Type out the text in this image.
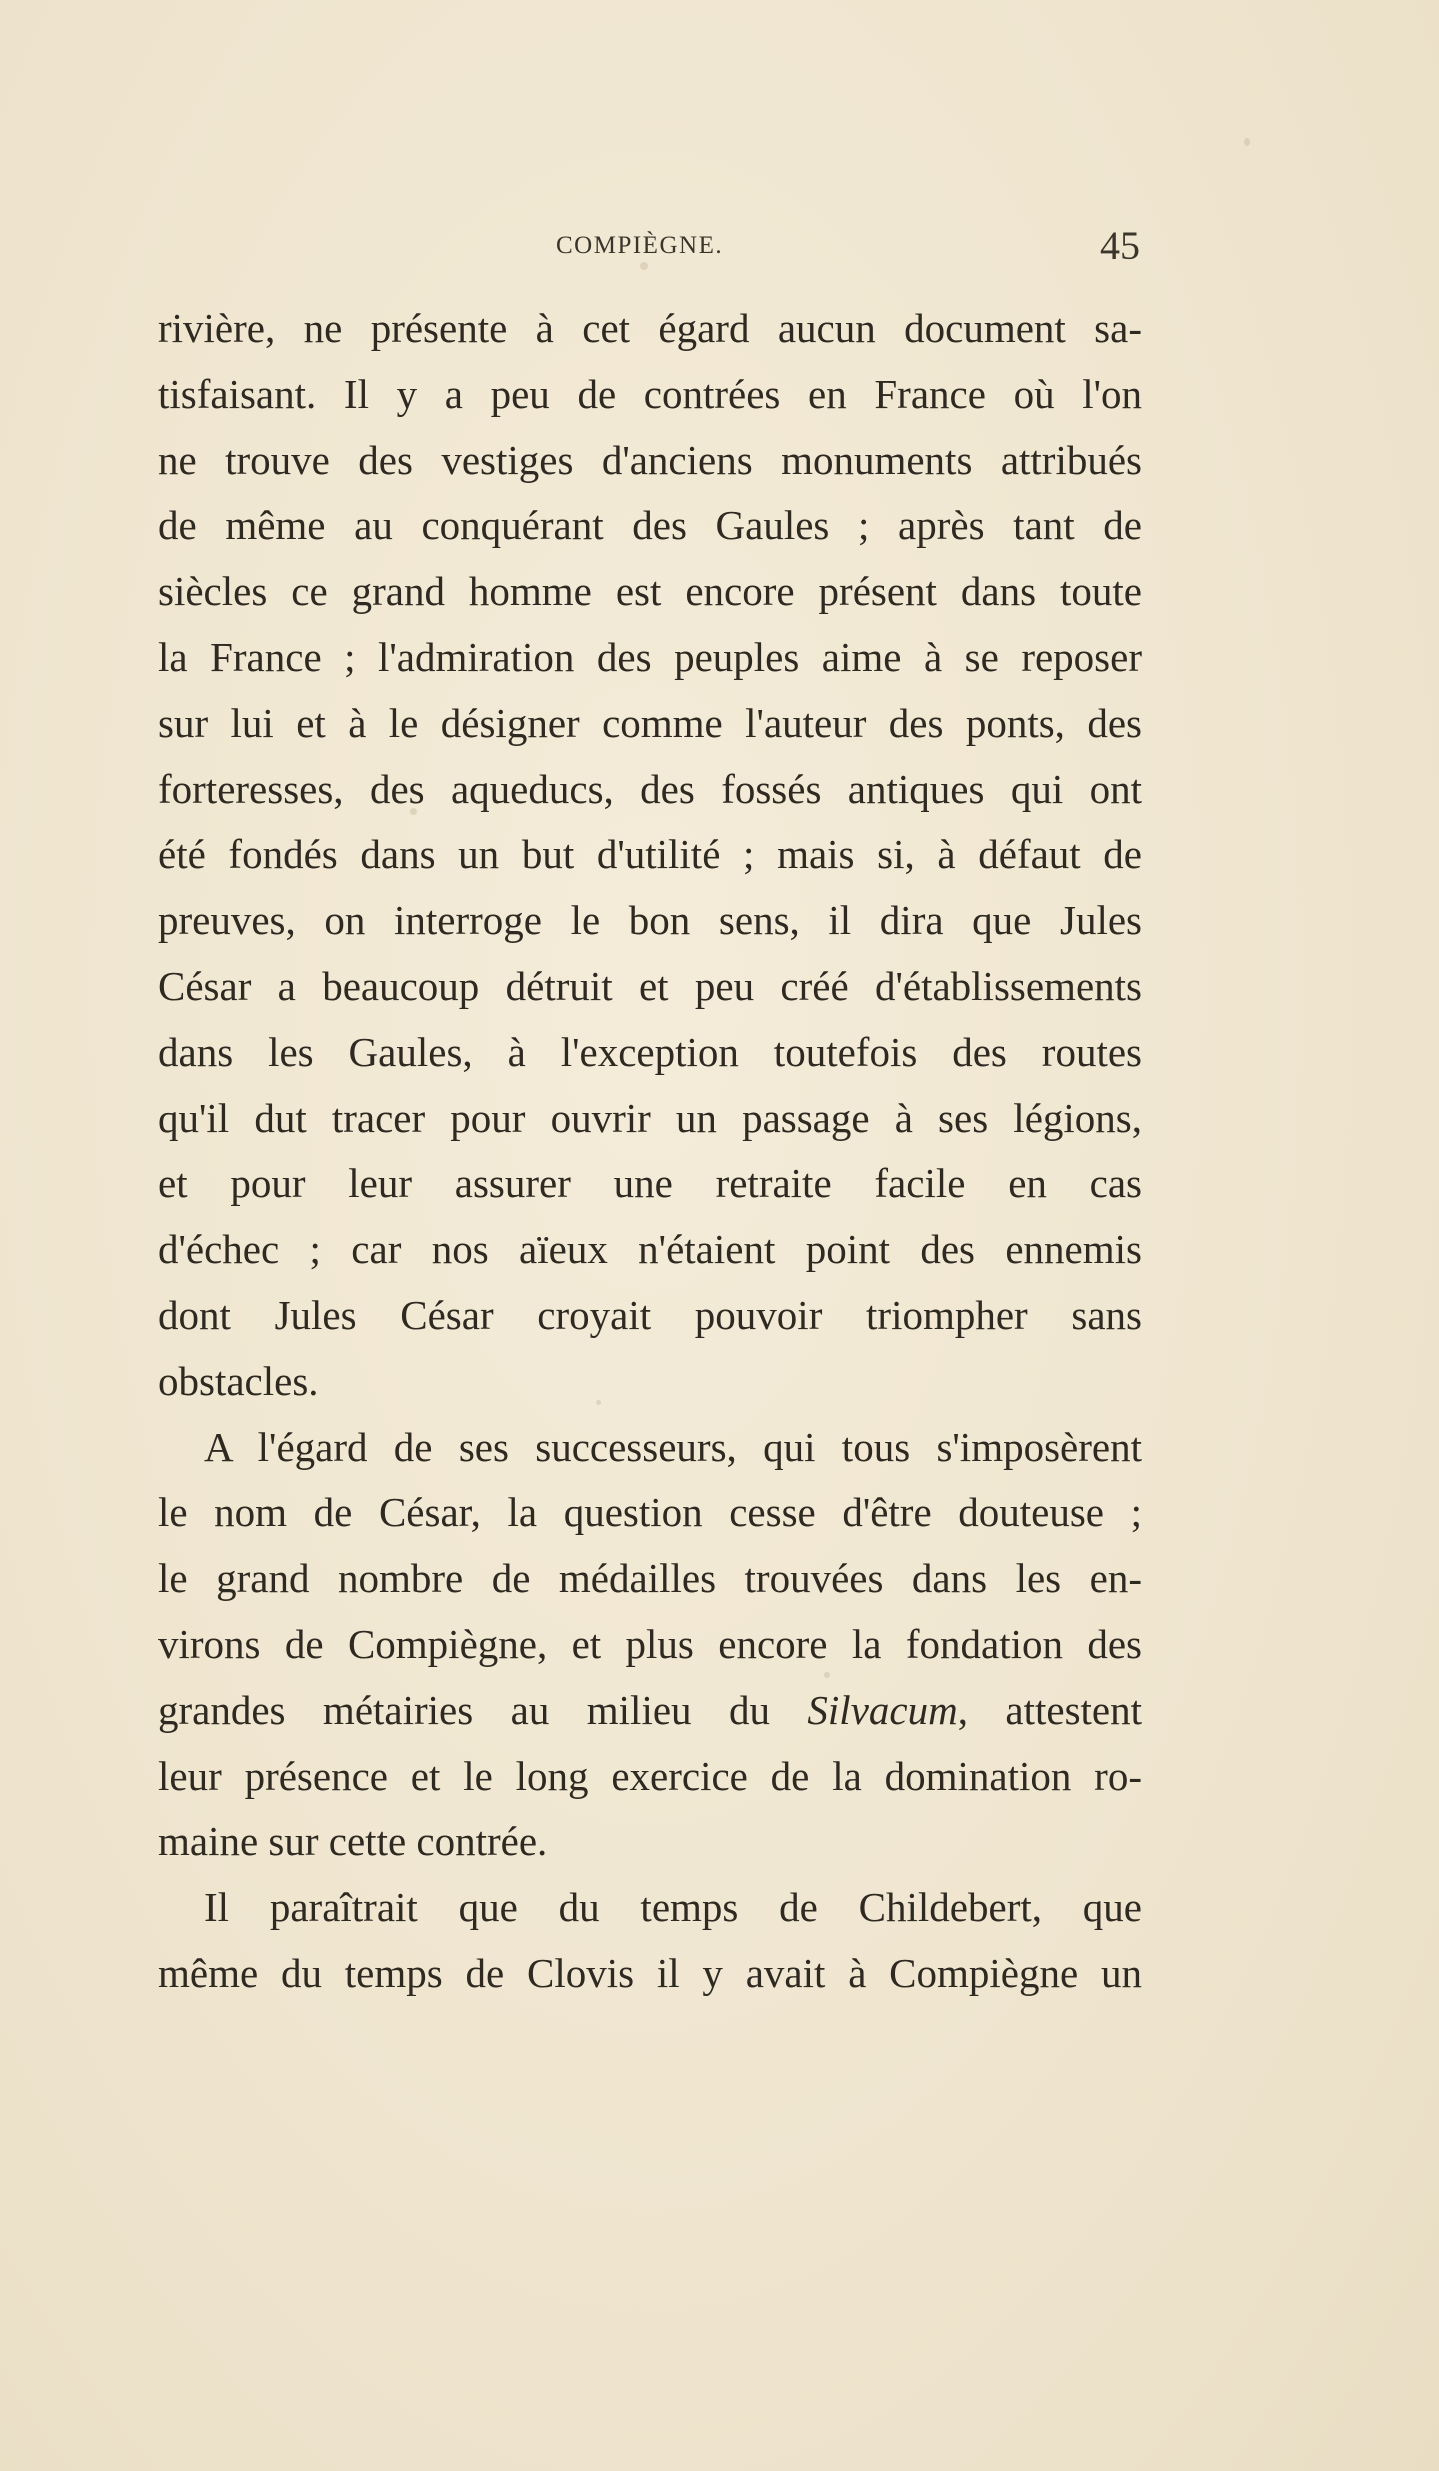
COMPIÈGNE.	45
rivière, ne présente à cet égard aucun document sa-
tisfaisant. Il y a peu de contrées en France où l'on
ne trouve des vestiges d'anciens monuments attribués
de même au conquérant des Gaules ; après tant de
siècles ce grand homme est encore présent dans toute
la France ; l'admiration des peuples aime à se reposer
sur lui et à le désigner comme l'auteur des ponts, des
forteresses, des aqueducs, des fossés antiques qui ont
été fondés dans un but d'utilité ; mais si, à défaut de
preuves, on interroge le bon sens, il dira que Jules
César a beaucoup détruit et peu créé d'établissements
dans les Gaules, à l'exception toutefois des routes
qu'il dut tracer pour ouvrir un passage à ses légions,
et pour leur assurer une retraite facile en cas
d'échec ; car nos aïeux n'étaient point des ennemis
dont Jules César croyait pouvoir triompher sans
obstacles.
A l'égard de ses successeurs, qui tous s'imposèrent
le nom de César, la question cesse d'être douteuse ;
le grand nombre de médailles trouvées dans les en-
virons de Compiègne, et plus encore la fondation des
grandes métairies au milieu du Silvacum, attestent
leur présence et le long exercice de la domination ro-
maine sur cette contrée.
Il paraîtrait que du temps de Childebert, que
même du temps de Clovis il y avait à Compiègne un
